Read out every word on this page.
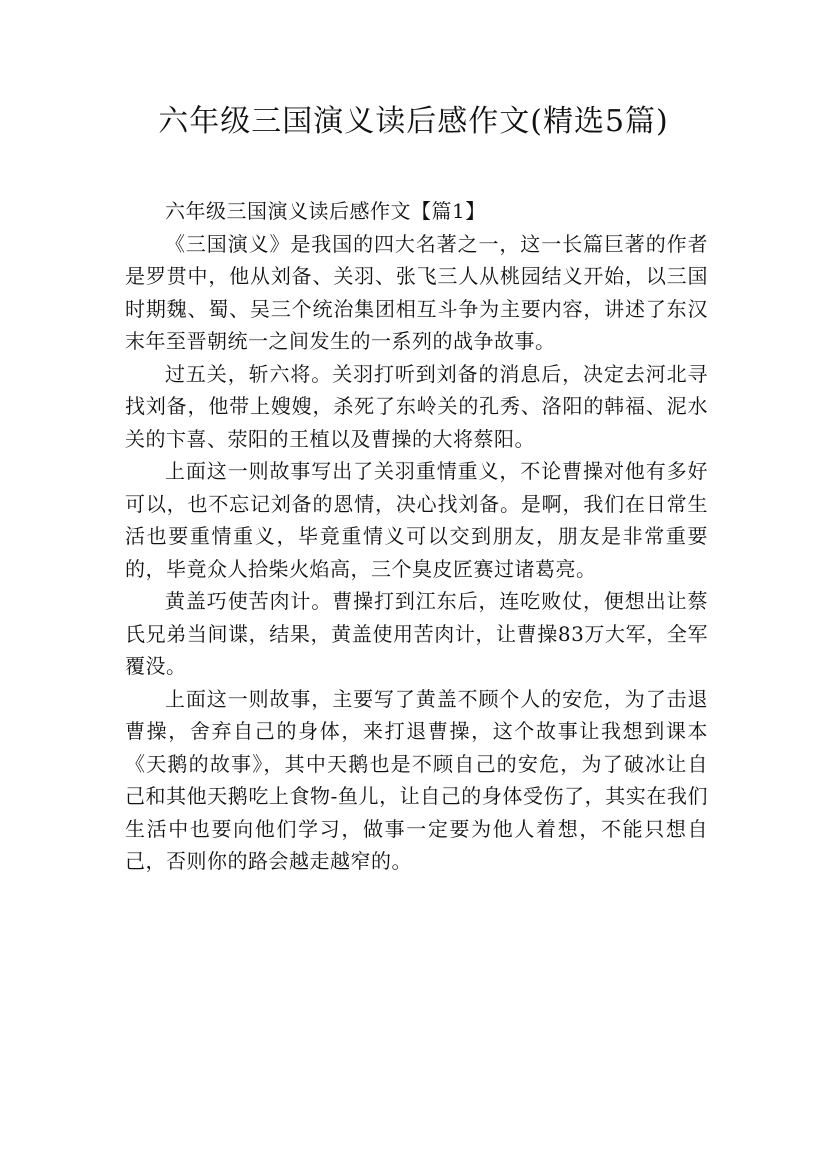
六年级三国演义读后感作文(精选5篇)

六年级三国演义读后感作文【篇1】

《三国演义》是我国的四大名著之一，这一长篇巨著的作者是罗贯中，他从刘备、关羽、张飞三人从桃园结义开始，以三国时期魏、蜀、吴三个统治集团相互斗争为主要内容，讲述了东汉末年至晋朝统一之间发生的一系列的战争故事。

过五关，斩六将。关羽打听到刘备的消息后，决定去河北寻找刘备，他带上嫂嫂，杀死了东岭关的孔秀、洛阳的韩福、泥水关的卞喜、荥阳的王植以及曹操的大将蔡阳。

上面这一则故事写出了关羽重情重义，不论曹操对他有多好可以，也不忘记刘备的恩情，决心找刘备。是啊，我们在日常生活也要重情重义，毕竟重情义可以交到朋友，朋友是非常重要的，毕竟众人拾柴火焰高，三个臭皮匠赛过诸葛亮。

黄盖巧使苦肉计。曹操打到江东后，连吃败仗，便想出让蔡氏兄弟当间谍，结果，黄盖使用苦肉计，让曹操83万大军，全军覆没。

上面这一则故事，主要写了黄盖不顾个人的安危，为了击退曹操，舍弃自己的身体，来打退曹操，这个故事让我想到课本《天鹅的故事》，其中天鹅也是不顾自己的安危，为了破冰让自己和其他天鹅吃上食物-鱼儿，让自己的身体受伤了，其实在我们生活中也要向他们学习，做事一定要为他人着想，不能只想自己，否则你的路会越走越窄的。
